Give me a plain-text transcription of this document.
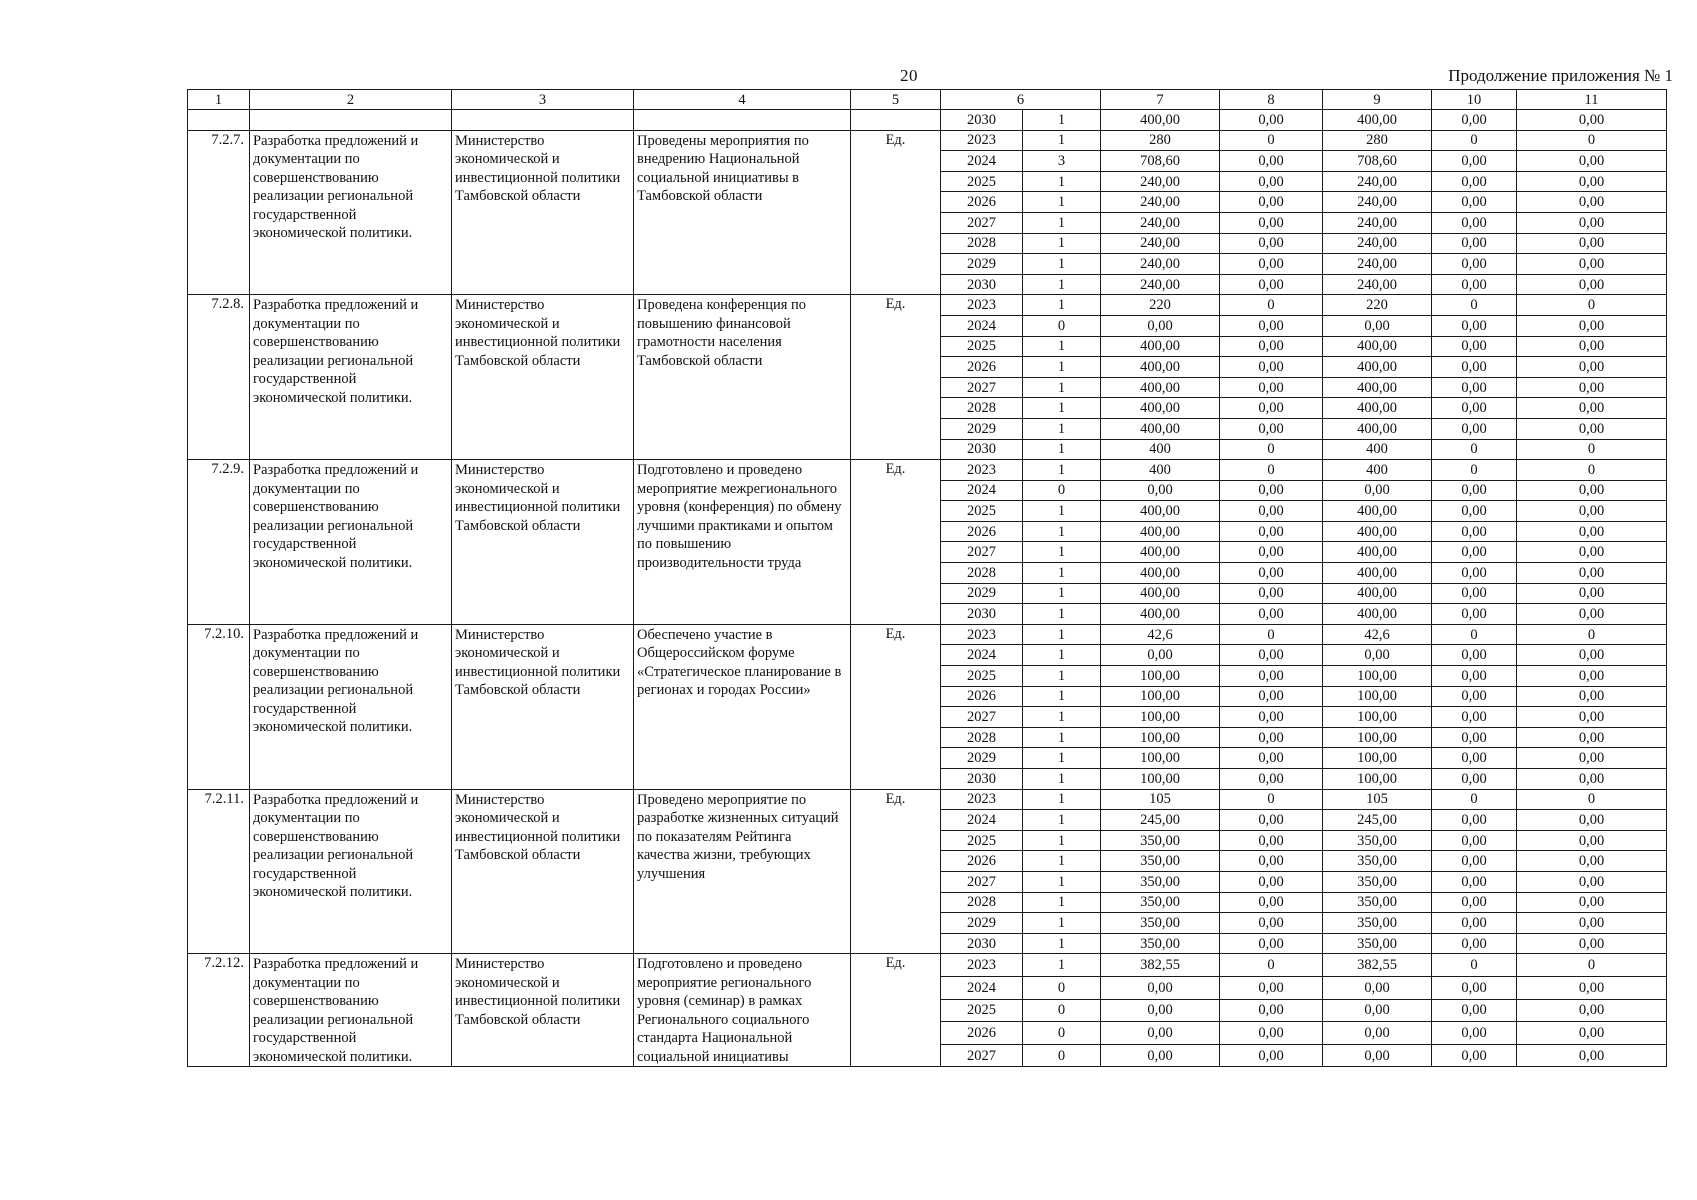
20	Продолжение приложения № 1
1	2	3	4	5	6		7	8	9	10	11
					2030	1	400,00	0,00	400,00	0,00	0,00
7.2.7.	Разработка предложений и документации по совершенствованию реализации региональной государственной экономической политики.	Министерство экономической и инвестиционной политики Тамбовской области	Проведены мероприятия по внедрению Национальной социальной инициативы в Тамбовской области	Ед.	2023	1	280	0	280	0	0
					2024	3	708,60	0,00	708,60	0,00	0,00
					2025	1	240,00	0,00	240,00	0,00	0,00
					2026	1	240,00	0,00	240,00	0,00	0,00
					2027	1	240,00	0,00	240,00	0,00	0,00
					2028	1	240,00	0,00	240,00	0,00	0,00
					2029	1	240,00	0,00	240,00	0,00	0,00
					2030	1	240,00	0,00	240,00	0,00	0,00
7.2.8.	Разработка предложений и документации по совершенствованию реализации региональной государственной экономической политики.	Министерство экономической и инвестиционной политики Тамбовской области	Проведена конференция по повышению финансовой грамотности населения Тамбовской области	Ед.	2023	1	220	0	220	0	0
					2024	0	0,00	0,00	0,00	0,00	0,00
					2025	1	400,00	0,00	400,00	0,00	0,00
					2026	1	400,00	0,00	400,00	0,00	0,00
					2027	1	400,00	0,00	400,00	0,00	0,00
					2028	1	400,00	0,00	400,00	0,00	0,00
					2029	1	400,00	0,00	400,00	0,00	0,00
					2030	1	400	0	400	0	0
7.2.9.	Разработка предложений и документации по совершенствованию реализации региональной государственной экономической политики.	Министерство экономической и инвестиционной политики Тамбовской области	Подготовлено и проведено мероприятие межрегионального уровня (конференция) по обмену лучшими практиками и опытом по повышению производительности труда	Ед.	2023	1	400	0	400	0	0
					2024	0	0,00	0,00	0,00	0,00	0,00
					2025	1	400,00	0,00	400,00	0,00	0,00
					2026	1	400,00	0,00	400,00	0,00	0,00
					2027	1	400,00	0,00	400,00	0,00	0,00
					2028	1	400,00	0,00	400,00	0,00	0,00
					2029	1	400,00	0,00	400,00	0,00	0,00
					2030	1	400,00	0,00	400,00	0,00	0,00
7.2.10.	Разработка предложений и документации по совершенствованию реализации региональной государственной экономической политики.	Министерство экономической и инвестиционной политики Тамбовской области	Обеспечено участие в Общероссийском форуме «Стратегическое планирование в регионах и городах России»	Ед.	2023	1	42,6	0	42,6	0	0
					2024	1	0,00	0,00	0,00	0,00	0,00
					2025	1	100,00	0,00	100,00	0,00	0,00
					2026	1	100,00	0,00	100,00	0,00	0,00
					2027	1	100,00	0,00	100,00	0,00	0,00
					2028	1	100,00	0,00	100,00	0,00	0,00
					2029	1	100,00	0,00	100,00	0,00	0,00
					2030	1	100,00	0,00	100,00	0,00	0,00
7.2.11.	Разработка предложений и документации по совершенствованию реализации региональной государственной экономической политики.	Министерство экономической и инвестиционной политики Тамбовской области	Проведено мероприятие по разработке жизненных ситуаций по показателям Рейтинга качества жизни, требующих улучшения	Ед.	2023	1	105	0	105	0	0
					2024	1	245,00	0,00	245,00	0,00	0,00
					2025	1	350,00	0,00	350,00	0,00	0,00
					2026	1	350,00	0,00	350,00	0,00	0,00
					2027	1	350,00	0,00	350,00	0,00	0,00
					2028	1	350,00	0,00	350,00	0,00	0,00
					2029	1	350,00	0,00	350,00	0,00	0,00
					2030	1	350,00	0,00	350,00	0,00	0,00
7.2.12.	Разработка предложений и документации по совершенствованию реализации региональной государственной экономической политики.	Министерство экономической и инвестиционной политики Тамбовской области	Подготовлено и проведено мероприятие регионального уровня (семинар) в рамках Регионального социального стандарта Национальной социальной инициативы	Ед.	2023	1	382,55	0	382,55	0	0
					2024	0	0,00	0,00	0,00	0,00	0,00
					2025	0	0,00	0,00	0,00	0,00	0,00
					2026	0	0,00	0,00	0,00	0,00	0,00
					2027	0	0,00	0,00	0,00	0,00	0,00
